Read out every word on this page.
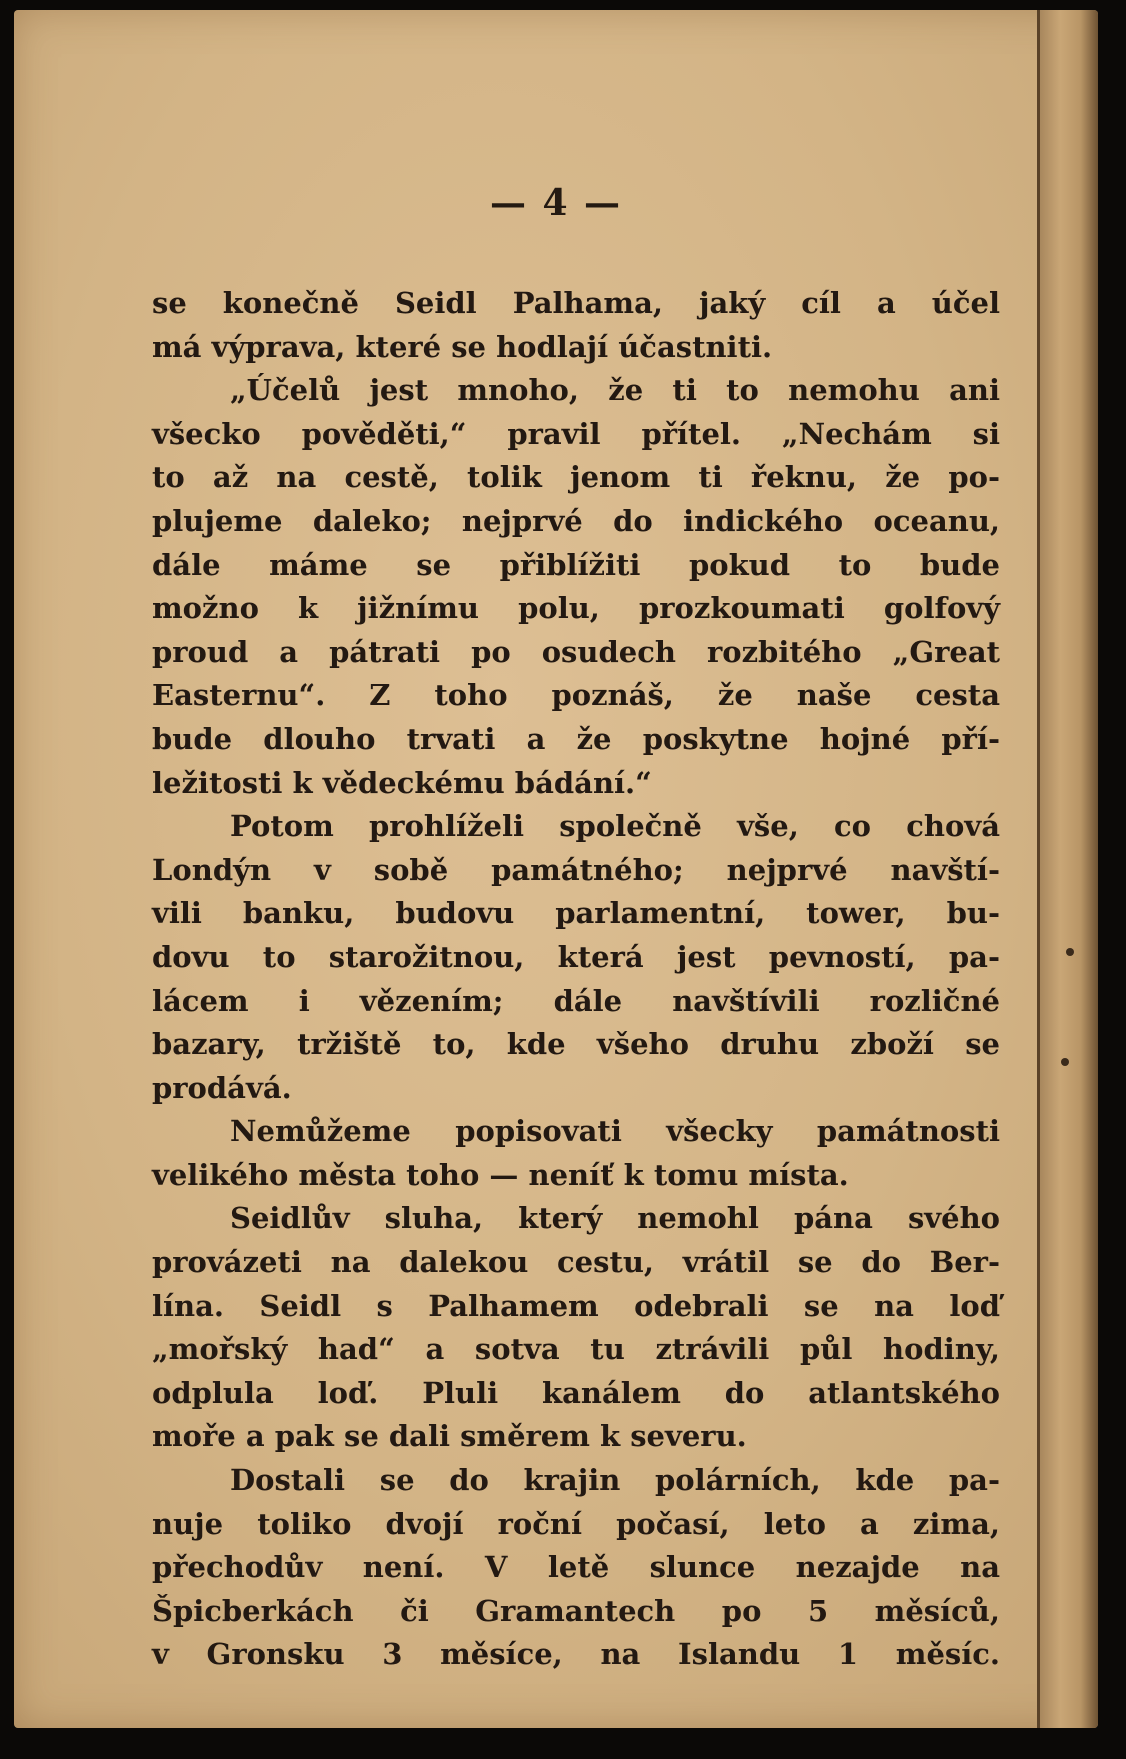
— 4 —
se konečně Seidl Palhama, jaký cíl a účel
má výprava, které se hodlají účastniti.
„Účelů jest mnoho, že ti to nemohu ani
všecko pověděti,“ pravil přítel. „Nechám si
to až na cestě, tolik jenom ti řeknu, že po-
plujeme daleko; nejprvé do indického oceanu,
dále máme se přiblížiti pokud to bude
možno k jižnímu polu, prozkoumati golfový
proud a pátrati po osudech rozbitého „Great
Easternu“. Z toho poznáš, že naše cesta
bude dlouho trvati a že poskytne hojné pří-
ležitosti k vědeckému bádání.“
Potom prohlíželi společně vše, co chová
Londýn v sobě památného; nejprvé navští-
vili banku, budovu parlamentní, tower, bu-
dovu to starožitnou, která jest pevností, pa-
lácem i vězením; dále navštívili rozličné
bazary, tržiště to, kde všeho druhu zboží se
prodává.
Nemůžeme popisovati všecky památnosti
velikého města toho — neníť k tomu místa.
Seidlův sluha, který nemohl pána svého
provázeti na dalekou cestu, vrátil se do Ber-
lína. Seidl s Palhamem odebrali se na loď
„mořský had“ a sotva tu ztrávili půl hodiny,
odplula loď. Pluli kanálem do atlantského
moře a pak se dali směrem k severu.
Dostali se do krajin polárních, kde pa-
nuje toliko dvojí roční počasí, leto a zima,
přechodův není. V letě slunce nezajde na
Špicberkách či Gramantech po 5 měsíců,
v Gronsku 3 měsíce, na Islandu 1 měsíc.
